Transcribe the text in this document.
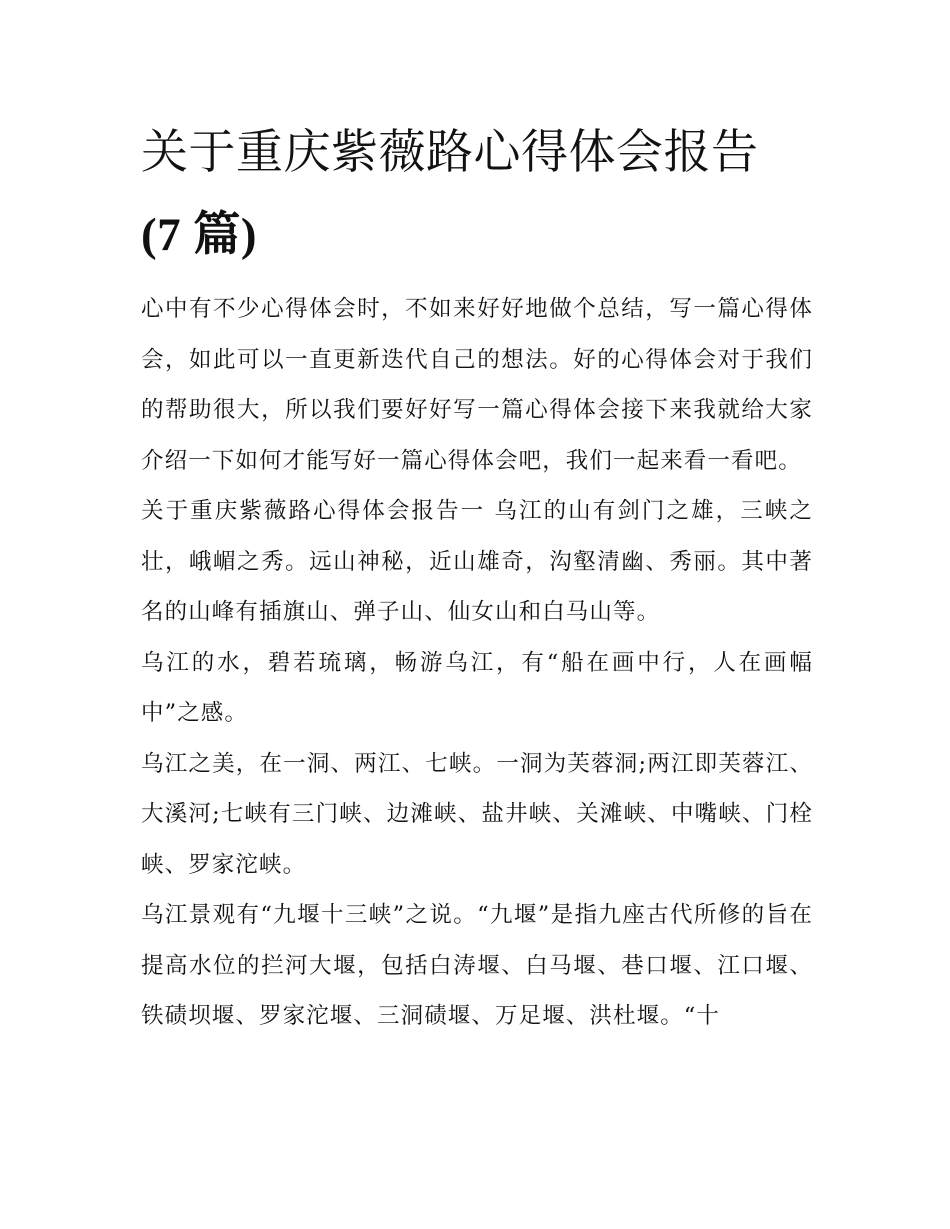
关于重庆紫薇路心得体会报告
(7 篇)

心中有不少心得体会时，不如来好好地做个总结，写一篇心得体会，如此可以一直更新迭代自己的想法。好的心得体会对于我们的帮助很大，所以我们要好好写一篇心得体会接下来我就给大家介绍一下如何才能写好一篇心得体会吧，我们一起来看一看吧。

关于重庆紫薇路心得体会报告一 乌江的山有剑门之雄，三峡之壮，峨嵋之秀。远山神秘，近山雄奇，沟壑清幽、秀丽。其中著名的山峰有插旗山、弹子山、仙女山和白马山等。

乌江的水，碧若琉璃，畅游乌江，有“船在画中行，人在画幅中”之感。

乌江之美，在一洞、两江、七峡。一洞为芙蓉洞;两江即芙蓉江、大溪河;七峡有三门峡、边滩峡、盐井峡、关滩峡、中嘴峡、门栓峡、罗家沱峡。

乌江景观有“九堰十三峡”之说。“九堰”是指九座古代所修的旨在提高水位的拦河大堰，包括白涛堰、白马堰、巷口堰、江口堰、铁碛坝堰、罗家沱堰、三洞碛堰、万足堰、洪杜堰。“十
